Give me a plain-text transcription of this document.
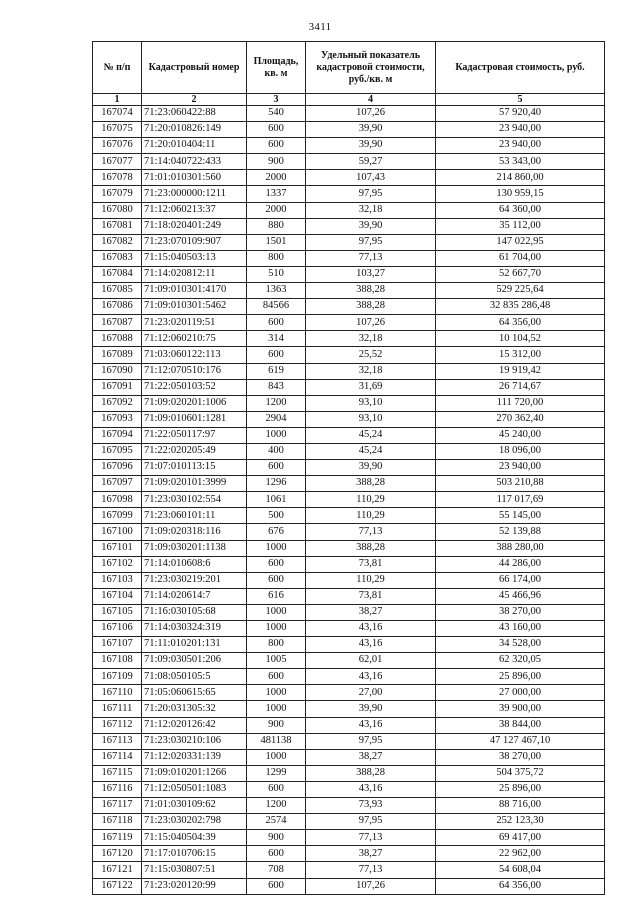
3411
№ п/п	Кадастровый номер	Площадь, кв. м	Удельный показатель кадастровой стоимости, руб./кв. м	Кадастровая стоимость, руб.
1	2	3	4	5
167074	71:23:060422:88	540	107,26	57 920,40
167075	71:20:010826:149	600	39,90	23 940,00
167076	71:20:010404:11	600	39,90	23 940,00
167077	71:14:040722:433	900	59,27	53 343,00
167078	71:01:010301:560	2000	107,43	214 860,00
167079	71:23:000000:1211	1337	97,95	130 959,15
167080	71:12:060213:37	2000	32,18	64 360,00
167081	71:18:020401:249	880	39,90	35 112,00
167082	71:23:070109:907	1501	97,95	147 022,95
167083	71:15:040503:13	800	77,13	61 704,00
167084	71:14:020812:11	510	103,27	52 667,70
167085	71:09:010301:4170	1363	388,28	529 225,64
167086	71:09:010301:5462	84566	388,28	32 835 286,48
167087	71:23:020119:51	600	107,26	64 356,00
167088	71:12:060210:75	314	32,18	10 104,52
167089	71:03:060122:113	600	25,52	15 312,00
167090	71:12:070510:176	619	32,18	19 919,42
167091	71:22:050103:52	843	31,69	26 714,67
167092	71:09:020201:1006	1200	93,10	111 720,00
167093	71:09:010601:1281	2904	93,10	270 362,40
167094	71:22:050117:97	1000	45,24	45 240,00
167095	71:22:020205:49	400	45,24	18 096,00
167096	71:07:010113:15	600	39,90	23 940,00
167097	71:09:020101:3999	1296	388,28	503 210,88
167098	71:23:030102:554	1061	110,29	117 017,69
167099	71:23:060101:11	500	110,29	55 145,00
167100	71:09:020318:116	676	77,13	52 139,88
167101	71:09:030201:1138	1000	388,28	388 280,00
167102	71:14:010608:6	600	73,81	44 286,00
167103	71:23:030219:201	600	110,29	66 174,00
167104	71:14:020614:7	616	73,81	45 466,96
167105	71:16:030105:68	1000	38,27	38 270,00
167106	71:14:030324:319	1000	43,16	43 160,00
167107	71:11:010201:131	800	43,16	34 528,00
167108	71:09:030501:206	1005	62,01	62 320,05
167109	71:08:050105:5	600	43,16	25 896,00
167110	71:05:060615:65	1000	27,00	27 000,00
167111	71:20:031305:32	1000	39,90	39 900,00
167112	71:12:020126:42	900	43,16	38 844,00
167113	71:23:030210:106	481138	97,95	47 127 467,10
167114	71:12:020331:139	1000	38,27	38 270,00
167115	71:09:010201:1266	1299	388,28	504 375,72
167116	71:12:050501:1083	600	43,16	25 896,00
167117	71:01:030109:62	1200	73,93	88 716,00
167118	71:23:030202:798	2574	97,95	252 123,30
167119	71:15:040504:39	900	77,13	69 417,00
167120	71:17:010706:15	600	38,27	22 962,00
167121	71:15:030807:51	708	77,13	54 608,04
167122	71:23:020120:99	600	107,26	64 356,00
